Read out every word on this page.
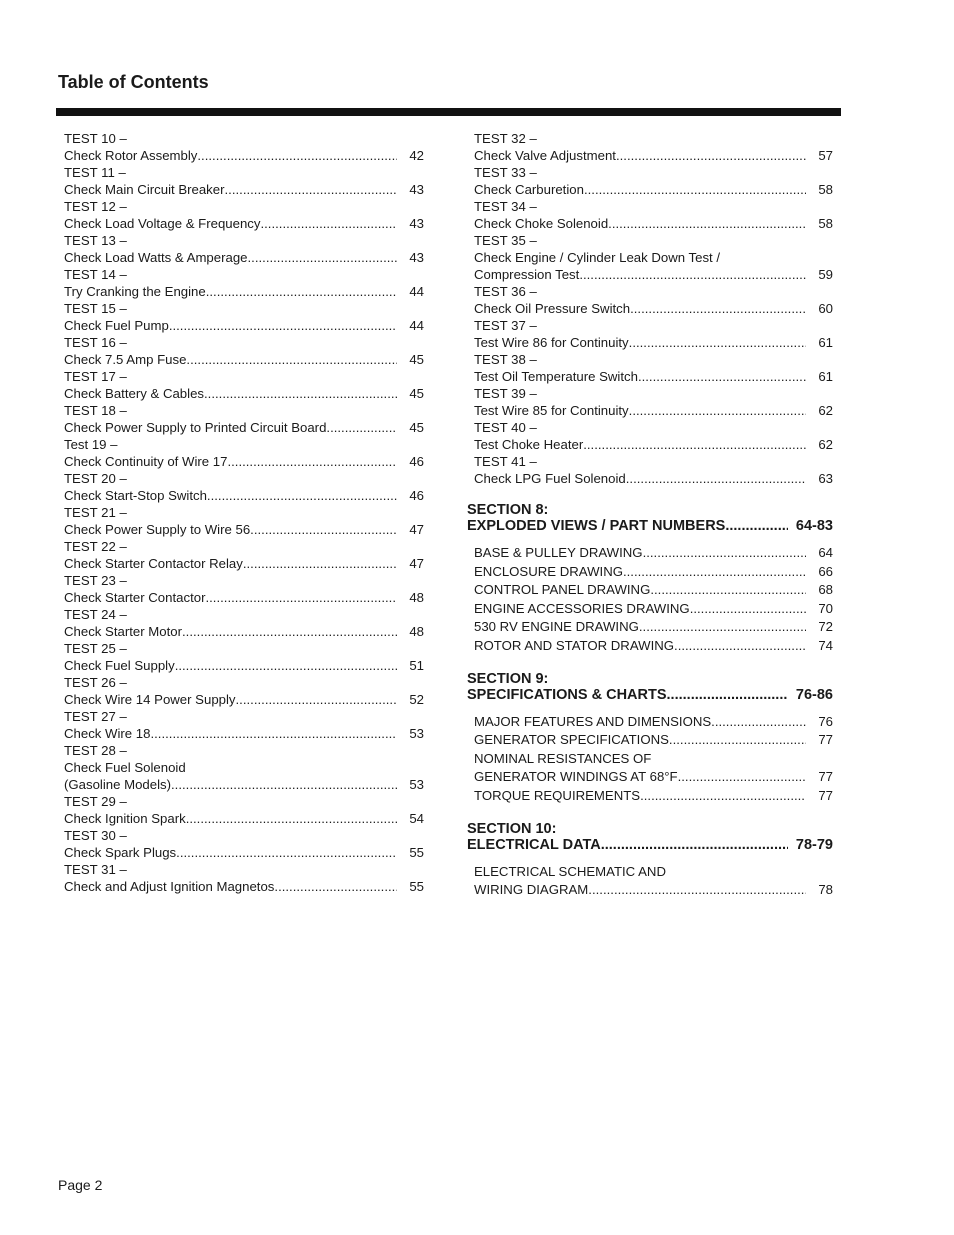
Table of Contents
TEST 10 –
Check Rotor Assembly .....	42
TEST 11 –
Check Main Circuit Breaker .....	43
TEST 12 –
Check Load Voltage & Frequency .....	43
TEST 13 –
Check Load Watts & Amperage .....	43
TEST 14 –
Try Cranking the Engine .....	44
TEST 15 –
Check Fuel Pump .....	44
TEST 16 –
Check 7.5 Amp Fuse .....	45
TEST 17 –
Check Battery & Cables .....	45
TEST 18 –
Check Power Supply to Printed Circuit Board .....	45
Test 19 –
Check Continuity of Wire 17 .....	46
TEST 20 –
Check Start-Stop Switch .....	46
TEST 21 –
Check Power Supply to Wire 56 .....	47
TEST 22 –
Check Starter Contactor Relay .....	47
TEST 23 –
Check Starter Contactor .....	48
TEST 24 –
Check Starter Motor .....	48
TEST 25 –
Check Fuel Supply .....	51
TEST 26 –
Check Wire 14 Power Supply .....	52
TEST 27 –
Check Wire 18 .....	53
TEST 28 –
Check Fuel Solenoid
(Gasoline Models) .....	53
TEST 29 –
Check Ignition Spark .....	54
TEST 30 –
Check Spark Plugs .....	55
TEST 31 –
Check and Adjust Ignition Magnetos .....	55
TEST 32 –
Check Valve Adjustment .....	57
TEST 33 –
Check Carburetion .....	58
TEST 34 –
Check Choke Solenoid .....	58
TEST 35 –
Check Engine / Cylinder Leak Down Test /
Compression Test .....	59
TEST 36 –
Check Oil Pressure Switch .....	60
TEST 37 –
Test Wire 86 for Continuity .....	61
TEST 38 –
Test Oil Temperature Switch .....	61
TEST 39 –
Test Wire 85 for Continuity .....	62
TEST 40 –
Test Choke Heater .....	62
TEST 41 –
Check LPG Fuel Solenoid .....	63
SECTION 8:
EXPLODED VIEWS / PART NUMBERS .....	64-83
BASE & PULLEY DRAWING .....	64
ENCLOSURE DRAWING .....	66
CONTROL PANEL DRAWING .....	68
ENGINE ACCESSORIES DRAWING .....	70
530 RV ENGINE DRAWING .....	72
ROTOR AND STATOR DRAWING .....	74
SECTION 9:
SPECIFICATIONS & CHARTS .....	76-86
MAJOR FEATURES AND DIMENSIONS .....	76
GENERATOR SPECIFICATIONS .....	77
NOMINAL RESISTANCES OF
GENERATOR WINDINGS AT 68°F .....	77
TORQUE REQUIREMENTS .....	77
SECTION 10:
ELECTRICAL DATA .....	78-79
ELECTRICAL SCHEMATIC AND
WIRING DIAGRAM .....	78
Page 2
